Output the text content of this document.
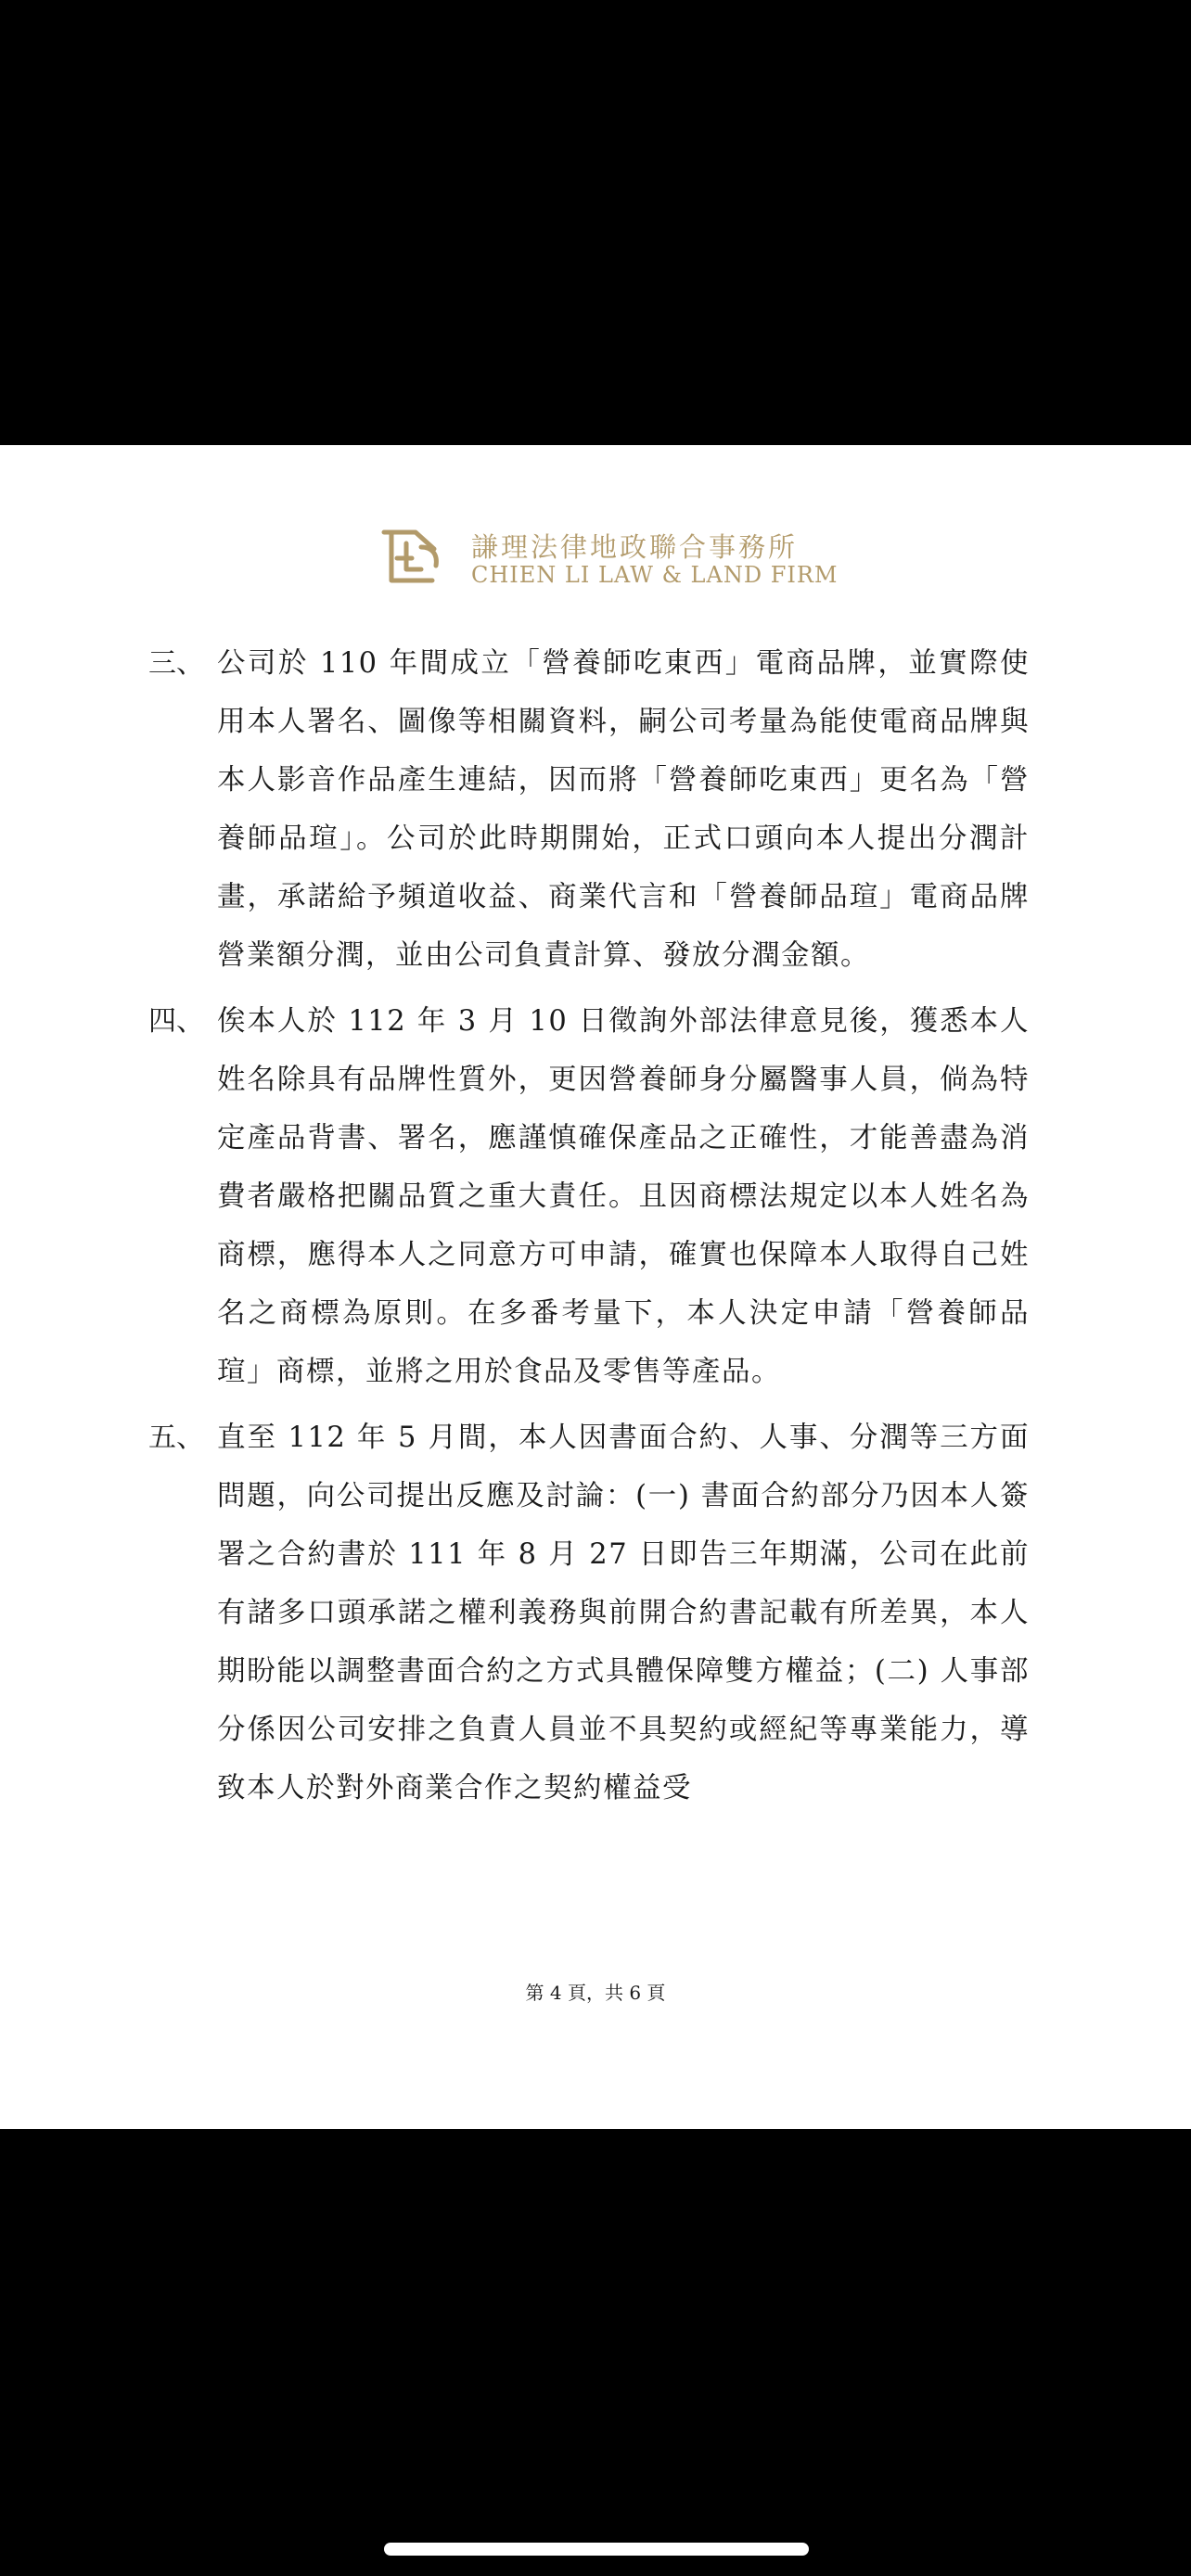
謙理法律地政聯合事務所
CHIEN LI LAW & LAND FIRM
三、 公司於 110 年間成立「營養師吃東西」電商品牌，並實際使用本人署名、圖像等相關資料，嗣公司考量為能使電商品牌與本人影音作品產生連結，因而將「營養師吃東西」更名為「營養師品瑄」。公司於此時期開始，正式口頭向本人提出分潤計畫，承諾給予頻道收益、商業代言和「營養師品瑄」電商品牌營業額分潤，並由公司負責計算、發放分潤金額。
四、 俟本人於 112 年 3 月 10 日徵詢外部法律意見後，獲悉本人姓名除具有品牌性質外，更因營養師身分屬醫事人員，倘為特定產品背書、署名，應謹慎確保產品之正確性，才能善盡為消費者嚴格把關品質之重大責任。且因商標法規定以本人姓名為商標，應得本人之同意方可申請，確實也保障本人取得自己姓名之商標為原則。在多番考量下，本人決定申請「營養師品瑄」商標，並將之用於食品及零售等產品。
五、 直至 112 年 5 月間，本人因書面合約、人事、分潤等三方面問題，向公司提出反應及討論：(一) 書面合約部分乃因本人簽署之合約書於 111 年 8 月 27 日即告三年期滿，公司在此前有諸多口頭承諾之權利義務與前開合約書記載有所差異，本人期盼能以調整書面合約之方式具體保障雙方權益；(二) 人事部分係因公司安排之負責人員並不具契約或經紀等專業能力，導致本人於對外商業合作之契約權益受
第 4 頁，共 6 頁
